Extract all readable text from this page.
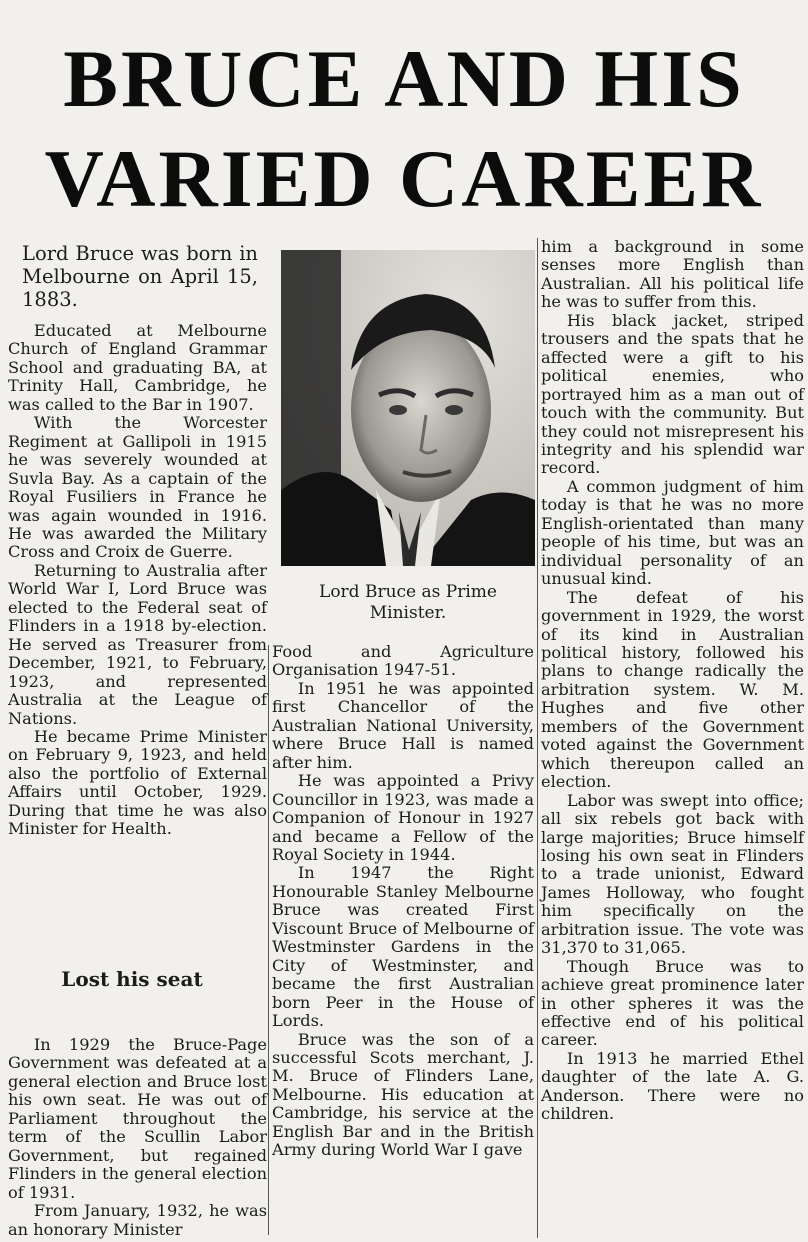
BRUCE AND HIS
VARIED CAREER
Lord Bruce was born in Melbourne on April 15, 1883.
Lord Bruce as Prime Minister.

Educated at Melbourne Church of England Grammar School and graduating BA, at Trinity Hall, Cambridge, he was called to the Bar in 1907.

With the Worcester Regiment at Gallipoli in 1915 he was severely wounded at Suvla Bay. As a captain of the Royal Fusiliers in France he was again wounded in 1916. He was awarded the Military Cross and Croix de Guerre.

Returning to Australia after World War I, Lord Bruce was elected to the Federal seat of Flinders in a 1918 by-election. He served as Treasurer from December, 1921, to February, 1923, and represented Australia at the League of Nations.

He became Prime Minister on February 9, 1923, and held also the portfolio of External Affairs until October, 1929. During that time he was also Minister for Health.

Lost his seat

In 1929 the Bruce-Page Government was defeated at a general election and Bruce lost his own seat. He was out of Parliament throughout the term of the Scullin Labor Government, but regained Flinders in the general election of 1931.

From January, 1932, he was an honorary Minister

Food and Agriculture Organisation 1947-51.

In 1951 he was appointed first Chancellor of the Australian National University, where Bruce Hall is named after him.

He was appointed a Privy Councillor in 1923, was made a Companion of Honour in 1927 and became a Fellow of the Royal Society in 1944.

In 1947 the Right Honourable Stanley Melbourne Bruce was created First Viscount Bruce of Melbourne of Westminster Gardens in the City of Westminster, and became the first Australian born Peer in the House of Lords.

Bruce was the son of a successful Scots merchant, J. M. Bruce of Flinders Lane, Melbourne. His education at Cambridge, his service at the English Bar and in the British Army during World War I gave

him a background in some senses more English than Australian. All his political life he was to suffer from this.

His black jacket, striped trousers and the spats that he affected were a gift to his political enemies, who portrayed him as a man out of touch with the community. But they could not misrepresent his integrity and his splendid war record.

A common judgment of him today is that he was no more English-orientated than many people of his time, but was an individual personality of an unusual kind.

The defeat of his government in 1929, the worst of its kind in Australian political history, followed his plans to change radically the arbitration system. W. M. Hughes and five other members of the Government voted against the Government which thereupon called an election.

Labor was swept into office; all six rebels got back with large majorities; Bruce himself losing his own seat in Flinders to a trade unionist, Edward James Holloway, who fought him specifically on the arbitration issue. The vote was 31,370 to 31,065.

Though Bruce was to achieve great prominence later in other spheres it was the effective end of his political career.

In 1913 he married Ethel daughter of the late A. G. Anderson. There were no children.
